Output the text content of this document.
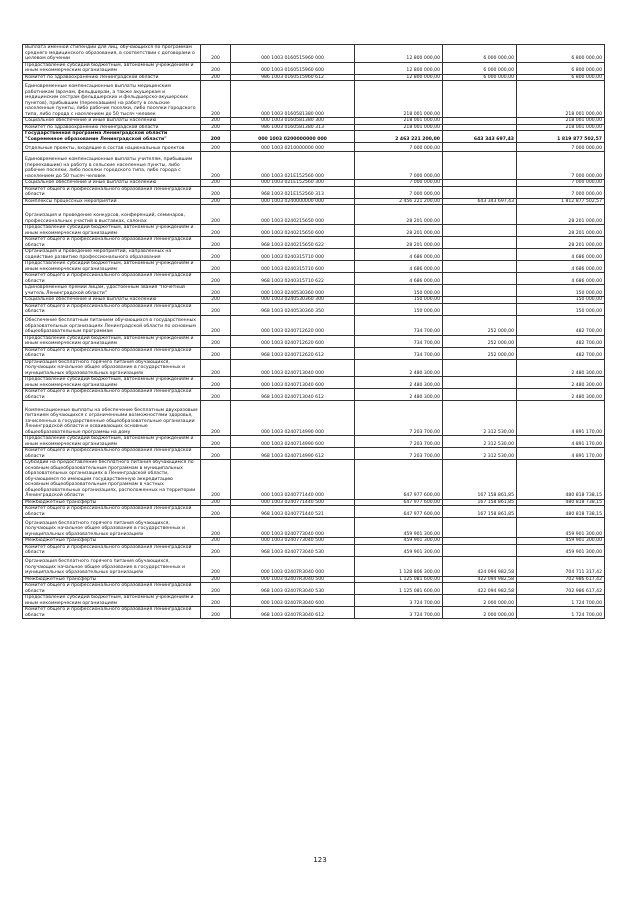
Выплата именной стипендии для лиц, обучающихся по программам среднего медицинского образования, в соответствии с договорами о целевом обучении	200	000 1003 0160515960 000	12 800 000,00	6 000 000,00	6 800 000,00
Предоставление субсидий бюджетным, автономным учреждениям и иным некоммерческим организациям	200	000 1003 0160515960 600	12 800 000,00	6 000 000,00	6 800 000,00
Комитет по здравоохранению Ленинградской области	200	986 1003 0160515960 612	12 800 000,00	6 000 000,00	6 800 000,00
Единовременные компенсационные выплаты медицинским работникам (врачам, фельдшерам, а также акушеркам и медицинским сестрам фельдшерских и фельдшерско-акушерских пунктов), прибывшим (переехавшим) на работу в сельские населенные пункты, либо рабочие поселки, либо поселки городского типа, либо города с населением до 50 тысяч человек	200	000 1003 0160581380 000	218 001 000,00		218 001 000,00
Социальное обеспечение и иные выплаты населению	200	000 1003 0160581380 300	218 001 000,00		218 001 000,00
Комитет по здравоохранению Ленинградской области	200	986 1003 0160581380 313	218 001 000,00		218 001 000,00
Государственная программа Ленинградской области "Современное образование Ленинградской области"	200	000 1003 0200000000 000	2 463 221 200,00	643 343 697,43	1 819 877 502,57
Отдельные проекты, входящие в состав национальных проектов	200	000 1003 0210000000 000	7 000 000,00		7 000 000,00
Единовременные компенсационные выплаты учителям, прибывшим (переехавшим) на работу в сельские населенные пункты, либо рабочие поселки, либо поселки городского типа, либо города с населением до 50 тысяч человек	200	000 1003 021Е152560 000	7 000 000,00		7 000 000,00
Социальное обеспечение и иные выплаты населению	200	000 1003 021Е152560 300	7 000 000,00		7 000 000,00
Комитет общего и профессионального образования Ленинградской области	200	968 1003 021Е152560 313	7 000 000,00		7 000 000,00
Комплексы процессных мероприятий	200	000 1003 0240000000 000	2 456 221 200,00	643 343 697,43	1 812 877 502,57
Организация и проведение конкурсов, конференций, семинаров, профессиональных участий в выставках, салонах	200	000 1003 0240215650 000	28 201 000,00		28 201 000,00
Предоставление субсидий бюджетным, автономным учреждениям и иным некоммерческим организациям	200	000 1003 0240215650 600	28 201 000,00		28 201 000,00
Комитет общего и профессионального образования Ленинградской области	200	968 1003 0240215650 622	28 201 000,00		28 201 000,00
Организация и проведение мероприятий, направленных на содействие развитию профессионального образования	200	000 1003 0240315710 000	4 686 000,00		4 686 000,00
Предоставление субсидий бюджетным, автономным учреждениям и иным некоммерческим организациям	200	000 1003 0240315710 600	4 686 000,00		4 686 000,00
Комитет общего и профессионального образования Ленинградской области	200	968 1003 0240315710 622	4 686 000,00		4 686 000,00
Единовременные премии лицам, удостоенным звания "Почетный учитель Ленинградской области"	200	000 1003 0240530360 000	150 000,00		150 000,00
Социальное обеспечение и иные выплаты населению	200	000 1003 0240530360 300	150 000,00		150 000,00
Комитет общего и профессионального образования Ленинградской области	200	968 1003 0240530360 350	150 000,00		150 000,00
Обеспечение бесплатным питанием обучающихся в государственных образовательных организациях Ленинградской области по основным общеобразовательным программам	200	000 1003 0240712620 000	734 700,00	252 000,00	482 700,00
Предоставление субсидий бюджетным, автономным учреждениям и иным некоммерческим организациям	200	000 1003 0240712620 600	734 700,00	252 000,00	482 700,00
Комитет общего и профессионального образования Ленинградской области	200	968 1003 0240712620 612	734 700,00	252 000,00	482 700,00
Организация бесплатного горячего питания обучающихся, получающих начальное общее образование в государственных и муниципальных образовательных организациях	200	000 1003 0240713040 000	2 480 300,00		2 480 300,00
Предоставление субсидий бюджетным, автономным учреждениям и иным некоммерческим организациям	200	000 1003 0240713040 600	2 480 300,00		2 480 300,00
Комитет общего и профессионального образования Ленинградской области	200	968 1003 0240713040 612	2 480 300,00		2 480 300,00
Компенсационные выплаты на обеспечение бесплатным двухразовым питанием обучающихся с ограниченными возможностями здоровья, зачисленных в государственные общеобразовательные организации Ленинградской области и осваивающих основные общеобразовательные программы на дому	200	000 1003 0240714990 000	7 203 700,00	2 312 530,00	4 891 170,00
Предоставление субсидий бюджетным, автономным учреждениям и иным некоммерческим организациям	200	000 1003 0240714990 600	7 203 700,00	2 312 530,00	4 891 170,00
Комитет общего и профессионального образования Ленинградской области	200	968 1003 0240714990 612	7 203 700,00	2 312 530,00	4 891 170,00
Субсидии на предоставление бесплатного питания обучающимся по основным общеобразовательным программам в муниципальных образовательных организациях в Ленинградской области, обучающимся по имеющим государственную аккредитацию основным общеобразовательным программам в частных общеобразовательных организациях, расположенных на территории Ленинградской области	200	000 1003 0240771440 000	647 977 600,00	167 158 861,85	480 818 738,15
Межбюджетные трансферты	200	000 1003 0240771440 500	647 977 600,00	167 158 861,85	480 818 738,15
Комитет общего и профессионального образования Ленинградской области	200	968 1003 0240771440 521	647 977 600,00	167 158 861,85	480 818 738,15
Организация бесплатного горячего питания обучающихся, получающих начальное общее образование в государственных и муниципальных образовательных организациях	200	000 1003 0240773040 000	459 901 300,00		459 901 300,00
Межбюджетные трансферты	200	000 1003 0240773040 500	459 901 300,00		459 901 300,00
Комитет общего и профессионального образования Ленинградской области	200	968 1003 0240773040 530	459 901 300,00		459 901 300,00
Организация бесплатного горячего питания обучающихся, получающих начальное общее образование в государственных и муниципальных образовательных организациях	200	000 1003 02407R3040 000	1 128 806 300,00	424 094 982,58	704 711 317,42
Межбюджетные трансферты	200	000 1003 02407R3040 500	1 125 081 600,00	422 094 982,58	702 986 617,42
Комитет общего и профессионального образования Ленинградской области	200	968 1003 02407R3040 530	1 125 081 600,00	422 094 982,58	702 986 617,42
Предоставление субсидий бюджетным, автономным учреждениям и иным некоммерческим организациям	200	000 1003 02407R3040 600	3 724 700,00	2 000 000,00	1 724 700,00
Комитет общего и профессионального образования Ленинградской области	200	968 1003 02407R3040 612	3 724 700,00	2 000 000,00	1 724 700,00
123
